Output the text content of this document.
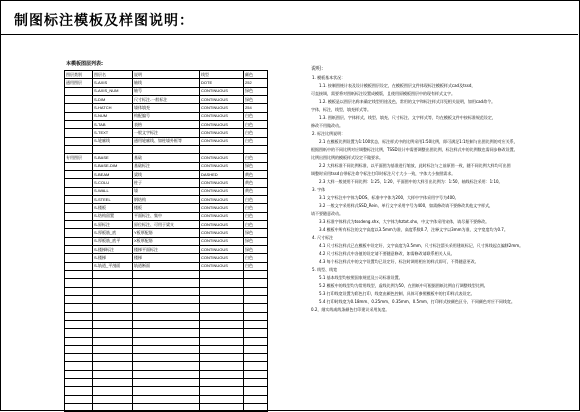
制图标注模板及样图说明：
本模板图层列表:
图层类别	图层名	说明	线型	颜色
通用图层	S-AXIS	轴线	DOTE	252
	S-AXIS_NUM	轴号	CONTINUOUS	绿色
	S-DIM	尺寸标注-一般标注	CONTINUOUS	绿色
	S-HATCH	墙体填充	CONTINUOUS	254
	S-NUM	构配编号	CONTINUOUS	白色
	S-TAB	表格	CONTINUOUS	白色
	S-TEXT	一般文字标注	CONTINUOUS	白色
	S-轮廓线	通用轮廓线、如柱墙外框等	CONTINUOUS	白色

专用图层	S-BASE	基础	CONTINUOUS	白色
	S-BASE-DIM	基础标注	CONTINUOUS	绿色
	S-BEAM	梁线	DASHED	黄色
	S-COLU	柱子	CONTINUOUS	黄色
	S-WALL	墙	CONTINUOUS	黄色
	S-STEEL	钢结构	CONTINUOUS	白色
	S-楼板	楼板	CONTINUOUS	白色
	S-结构留置	平面标注、集中	CONTINUOUS	白色
	S-原标注	原位标注、可用于梁支	CONTINUOUS	白色
	S-厚板筋_底	Y板厚配筋	CONTINUOUS	绿色
	S-厚板筋_底平	X板厚配筋	CONTINUOUS	绿色
	S-楼梯标注	楼梯平面标注	CONTINUOUS	绿色
	S-楼梯	楼梯	CONTINUOUS	白色
	S-轨道_平剖面	轨道断面	CONTINUOUS	白色

说明：
1. 模板基本状况：
1.1. 按制图统计表及设计模板图层设定，在模板图层文件体现标注模板样式cad及tssd，
可直接调，需要将对图纸标注设置成模版，且使用原模板图层中的现有样式文字。
1.2. 模板是以图层名称来确定线型用途及色，常用的文字和标注样式详见相关说明，如用cad命令。
字体，标注，线型，填充样式等。
1.3. 图纸图层、字体样式、线型、填充、尺寸标注、文字样式等，均在模板文件中按标准规范设定，
修改不用做改动。
2. 标注比例说明：
2.1 在模板比例设置为1:100状态，标注样式中的比例采用1:50比例，即可满足1:1绘制与出图比例的对应关系，
根据图纸中的不同比例对应调整标注比例，TSSD设计中需要调整出图比例，标注样式中的比例数也需同步修改设置。
比例出图比例的模板样式设定不做要求。
2.2 大样标准不同比例标准，以平面图为基准进行缩放，此时标注与之前原图一致，随不同比例大样均可出图
调整时采用tssd自带标注命令标注打印时标注尺寸大小一致，字体大小按照需求。
2.3 大样一般使用不同比例：1:25、1:20，平面图中的大样引出比例为：1:50，轴线标注采用：1:10。
3. 字体
3.1 文字标注中字体为DOS，标准中字体为200，大样中字体采用字号为400。
3.2 一般文字采用样式SSD_Rein，单行文字采用字号为400，如需修改请不要修改其他文字样式，
请不要随意改动。
3.3 标准字体样式为tssdeng.shx，大字体为hztxt.shx，中文字体采用宋体，请尽量不要修改。
3.4 模板中所有标注的文字高度以3.5mm为准，高度系数0.7，注释文字以3mm为准，文字宽度均为0.7。
4. 尺寸标注
4.1 尺寸标注样式已在模板中设定好，文字高度为3.5mm，尺寸标注箭头采用建筑标记，尺寸界线起点偏移2mm。
4.2 尺寸标注样式中各值的设定请不要随意修改，如需修改请联系相关人员。
4.3 每个标注样式中的文字设置均已设定好，标注时调用相应的样式即可，不得随意更改。
5. 线型、线宽
5.1 基本线型均按照国家规范及公司标准设置。
5.2 模板中的线型均为常用线型，虚线比例为50，在图纸中可根据图纸比例自行调整线型比例。
5.3 打印线宽设置为彩色打印，线宽由颜色控制，具体可参照模板中的打印样式表设定。
5.4 打印时线宽为0.18mm、0.25mm、0.35mm、0.5mm，打印样式按颜色区分，不同颜色对应不同线宽。
0.2，细实线或线条颜色打印建议采用灰度。
